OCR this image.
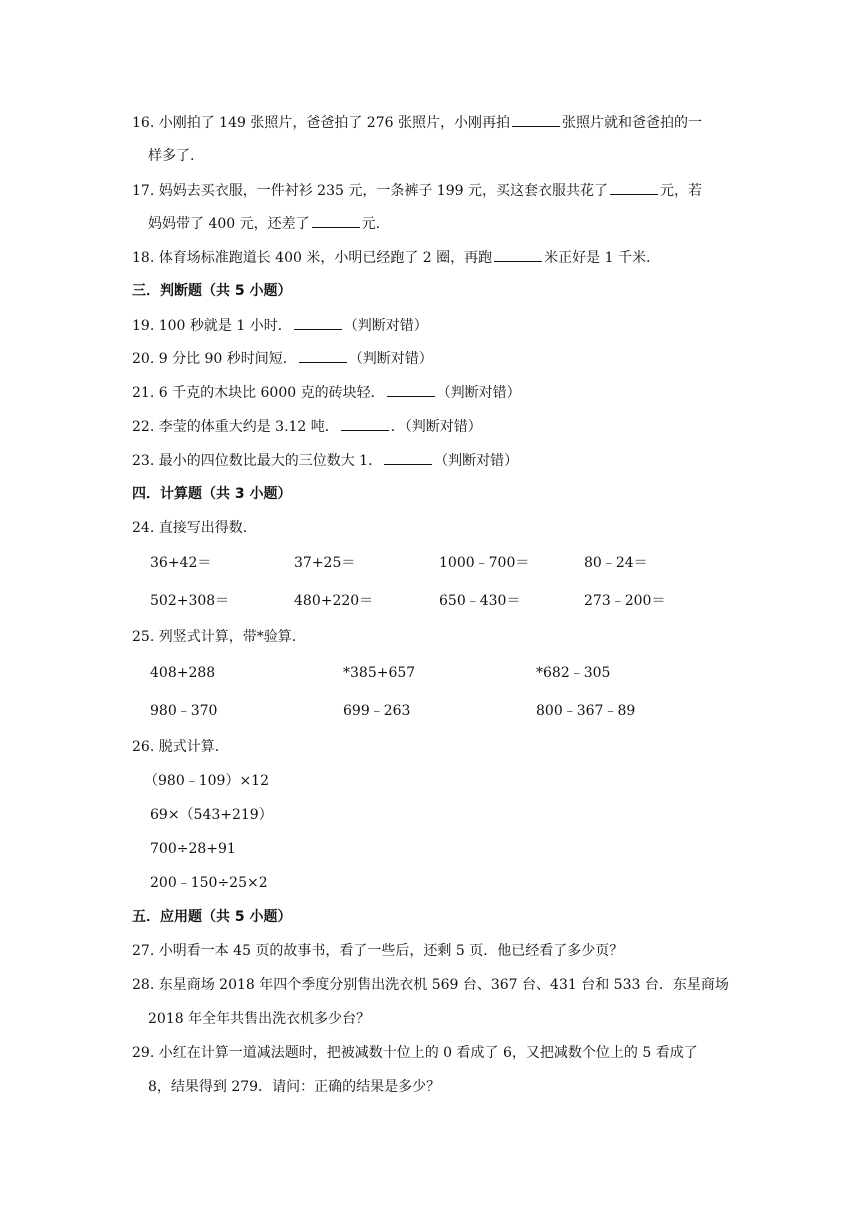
16. 小刚拍了 149 张照片，爸爸拍了 276 张照片，小刚再拍	张照片就和爸爸拍的一
样多了.
17. 妈妈去买衣服，一件衬衫 235 元，一条裤子 199 元，买这套衣服共花了	元，若
妈妈带了 400 元，还差了	元.
18. 体育场标准跑道长 400 米，小明已经跑了 2 圈，再跑	米正好是 1 千米.
三．判断题（共 5 小题）
19. 100 秒就是 1 小时．	（判断对错）
20. 9 分比 90 秒时间短．	（判断对错）
21. 6 千克的木块比 6000 克的砖块轻．	（判断对错）
22. 李莹的体重大约是 3.12 吨．	．（判断对错）
23. 最小的四位数比最大的三位数大 1．	（判断对错）
四．计算题（共 3 小题）
24. 直接写出得数.
36+42＝	37+25＝	1000﹣700＝	80﹣24＝
502+308＝	480+220＝	650﹣430＝	273﹣200＝
25. 列竖式计算，带*验算.
408+288	*385+657	*682﹣305
980﹣370	699﹣263	800﹣367﹣89
26. 脱式计算.
（980﹣109）×12
69×（543+219）
700÷28+91
200﹣150÷25×2
五．应用题（共 5 小题）
27. 小明看一本 45 页的故事书，看了一些后，还剩 5 页．他已经看了多少页？
28. 东星商场 2018 年四个季度分别售出洗衣机 569 台、367 台、431 台和 533 台．东星商场
2018 年全年共售出洗衣机多少台？
29. 小红在计算一道减法题时，把被减数十位上的 0 看成了 6，又把减数个位上的 5 看成了
8，结果得到 279．请问：正确的结果是多少？
